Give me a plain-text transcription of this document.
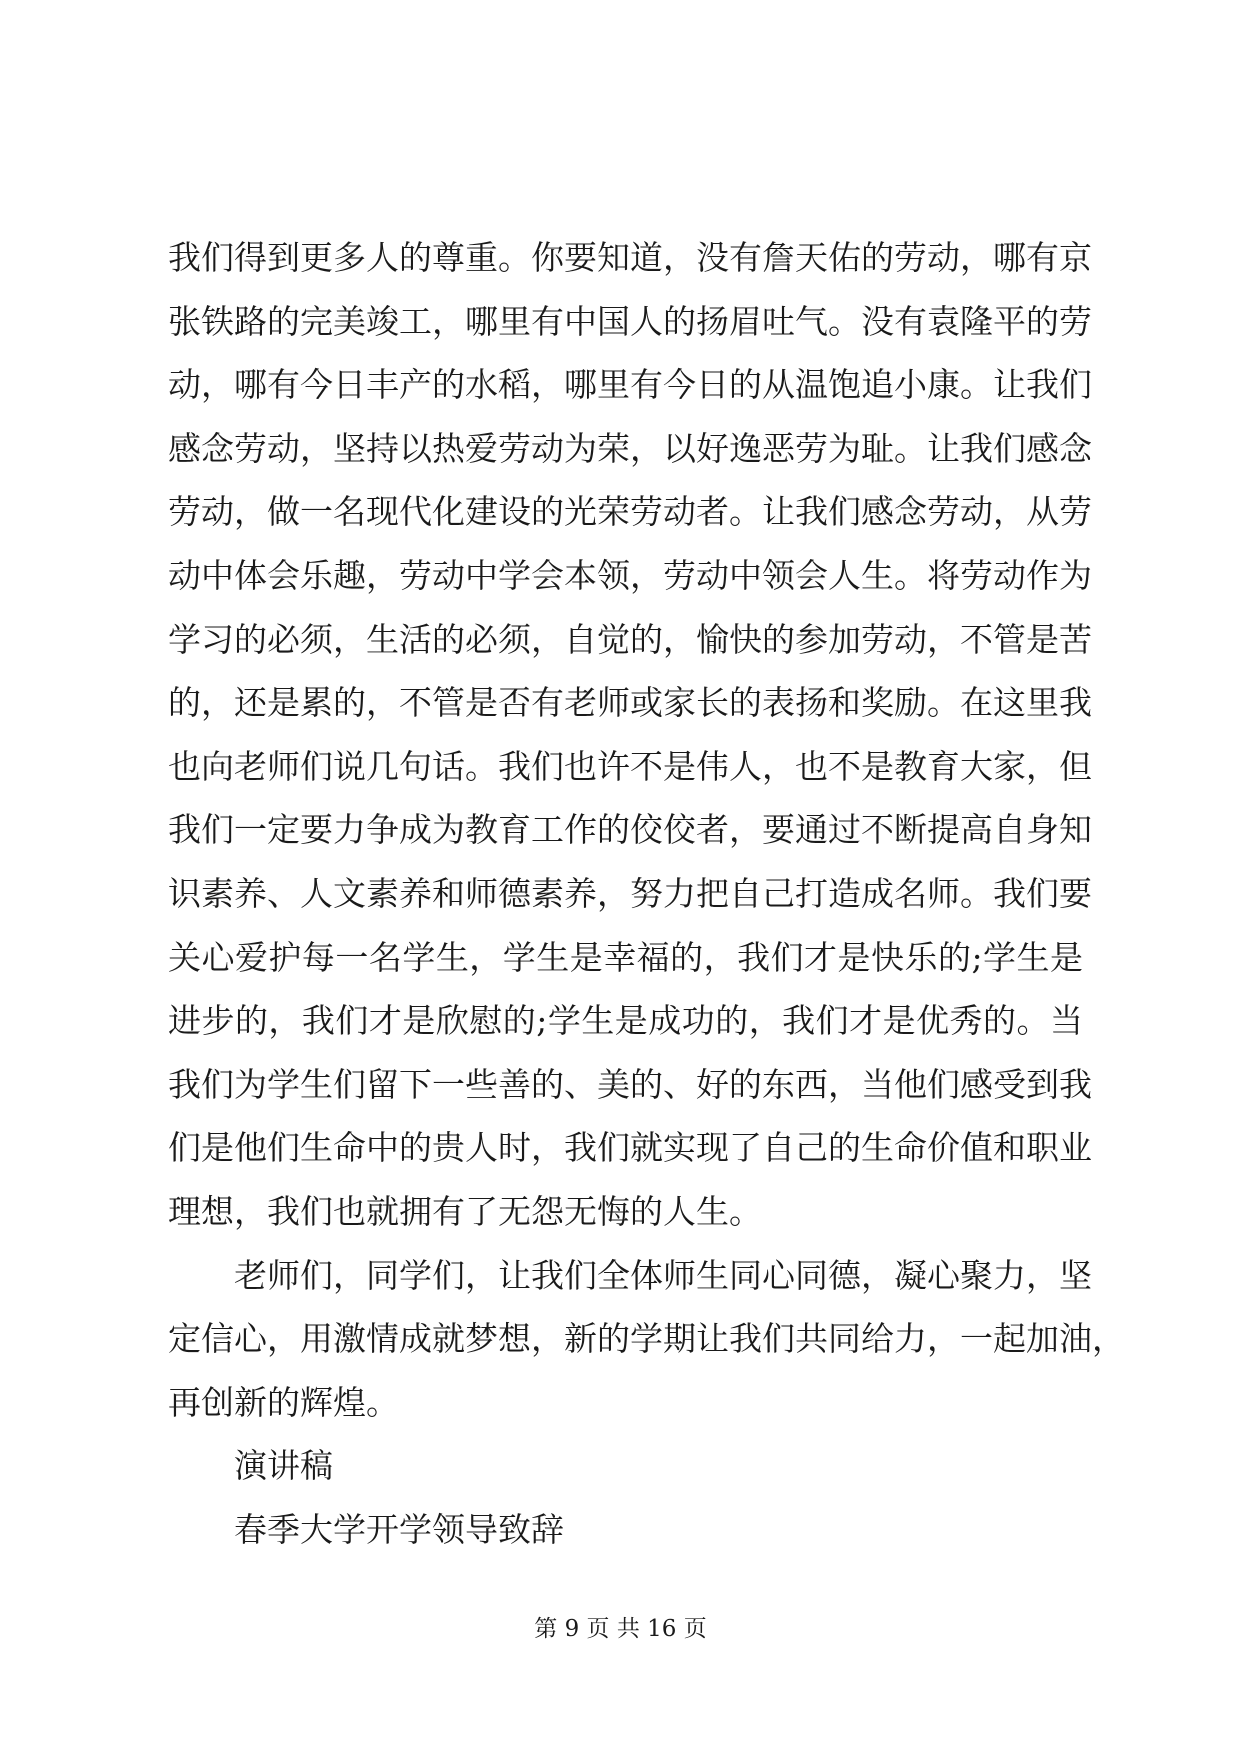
我们得到更多人的尊重。你要知道，没有詹天佑的劳动，哪有京
张铁路的完美竣工，哪里有中国人的扬眉吐气。没有袁隆平的劳
动，哪有今日丰产的水稻，哪里有今日的从温饱追小康。让我们
感念劳动，坚持以热爱劳动为荣，以好逸恶劳为耻。让我们感念
劳动，做一名现代化建设的光荣劳动者。让我们感念劳动，从劳
动中体会乐趣，劳动中学会本领，劳动中领会人生。将劳动作为
学习的必须，生活的必须，自觉的，愉快的参加劳动，不管是苦
的，还是累的，不管是否有老师或家长的表扬和奖励。在这里我
也向老师们说几句话。我们也许不是伟人，也不是教育大家，但
我们一定要力争成为教育工作的佼佼者，要通过不断提高自身知
识素养、人文素养和师德素养，努力把自己打造成名师。我们要
关心爱护每一名学生，学生是幸福的，我们才是快乐的;学生是
进步的，我们才是欣慰的;学生是成功的，我们才是优秀的。当
我们为学生们留下一些善的、美的、好的东西，当他们感受到我
们是他们生命中的贵人时，我们就实现了自己的生命价值和职业
理想，我们也就拥有了无怨无悔的人生。
老师们，同学们，让我们全体师生同心同德，凝心聚力，坚
定信心，用激情成就梦想，新的学期让我们共同给力，一起加油，
再创新的辉煌。
演讲稿
春季大学开学领导致辞
第 9 页 共 16 页
